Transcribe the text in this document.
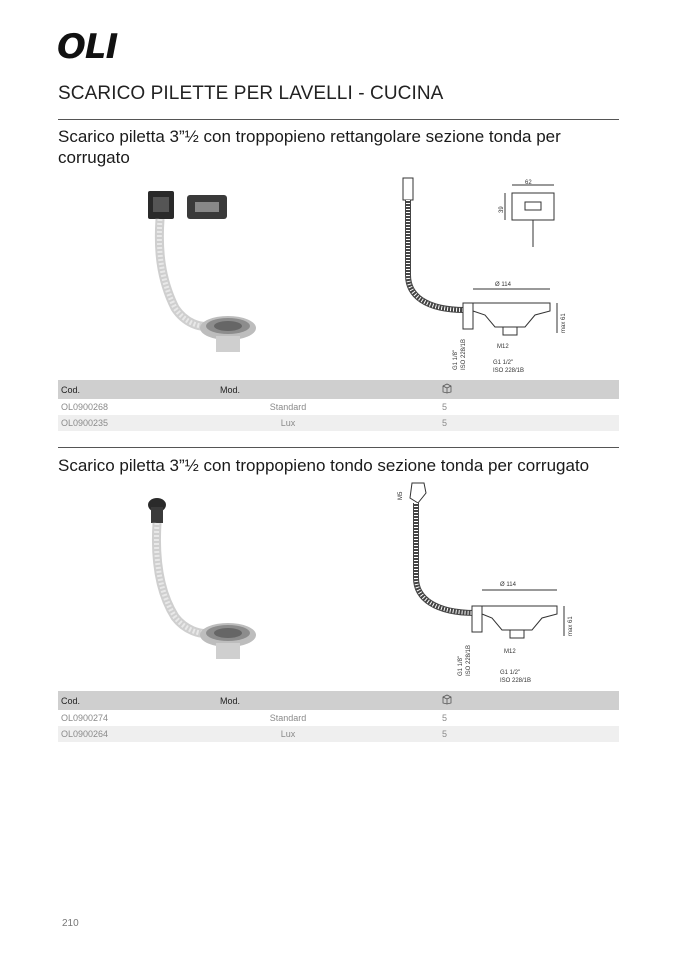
OLI
SCARICO PILETTE PER LAVELLI - CUCINA
Scarico piletta 3”½ con troppopieno rettangolare sezione tonda per corrugato
62
39
Ø 114
max 61
M12
G1 1/8" ISO 228/1B	G1 1/2"
ISO 228/1B
Cod.	Mod.
OL0900268	Standard	5
OL0900235	Lux	5
Scarico piletta 3”½ con troppopieno tondo sezione tonda per corrugato
M5
Ø 114
max 61
M12
G1 1/8" ISO 228/1B	G1 1/2"
ISO 228/1B
Cod.	Mod.
OL0900274	Standard	5
OL0900264	Lux	5
210
